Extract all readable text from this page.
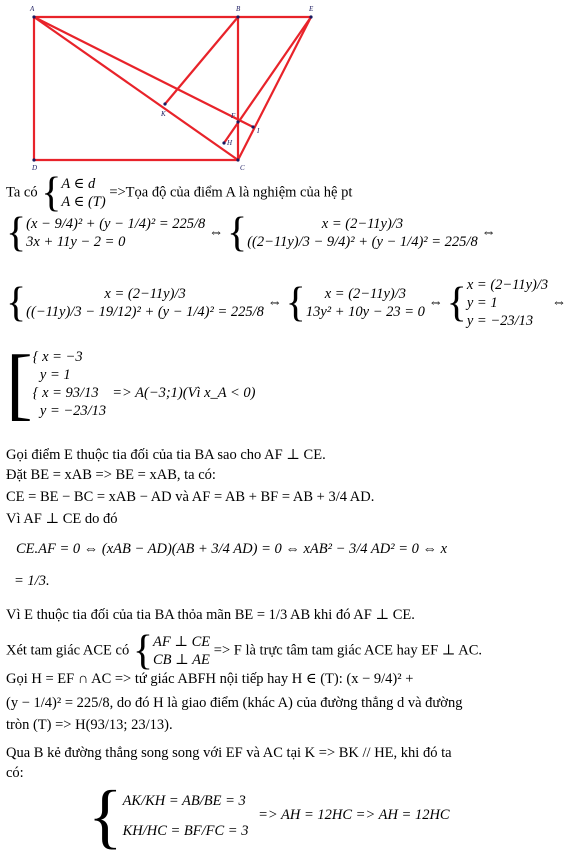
A	B	E
K	F
I
H
D	C
Ta có { A ∈ d
A ∈ (T)
=>Tọa độ của điểm A là nghiệm của hệ pt
{ (x − 9/4)² + (y − 1/4)² = 225/8
3x + 11y − 2 = 0
⇔ {	x = (2−11y)/3
((2−11y)/3 − 9/4)² + (y − 1/4)² = 225/8
⇔
{	x = (2−11y)/3
((−11y)/3 − 19/12)² + (y − 1/4)² = 225/8
⇔ {	x = (2−11y)/3
13y² + 10y − 23 = 0
⇔ { x = (2−11y)/3
y = 1
y = −23/13
⇔
[ { x = −3
y = 1
{ x = 93/13 => A(−3;1)(Vì x_A < 0)
y = −23/13
Gọi điểm E thuộc tia đối của tia BA sao cho AF ⊥ CE.
Đặt BE = xAB => BE = xAB, ta có:
CE = BE − BC = xAB − AD và AF = AB + BF = AB + 3/4 AD.
Vì AF ⊥ CE do đó
CE.AF = 0 ⇔ (xAB − AD)(AB + 3/4 AD) = 0 ⇔ xAB² − 3/4 AD² = 0 ⇔ x
= 1/3.
Vì E thuộc tia đối của tia BA thỏa mãn BE = 1/3 AB khi đó AF ⊥ CE.
Xét tam giác ACE có { AF ⊥ CE
CB ⊥ AE
=> F là trực tâm tam giác ACE hay EF ⊥ AC.
Gọi H = EF ∩ AC => tứ giác ABFH nội tiếp hay H ∈ (T): (x − 9/4)² +
(y − 1/4)² = 225/8, do đó H là giao điểm (khác A) của đường thẳng d và đường
tròn (T) => H(93/13; 23/13).
Qua B kẻ đường thẳng song song với EF và AC tại K => BK // HE, khi đó ta
có:
{ AK/KH = AB/BE = 3
KH/HC = BF/FC = 3
=> AH = 12HC => AH = 12HC
